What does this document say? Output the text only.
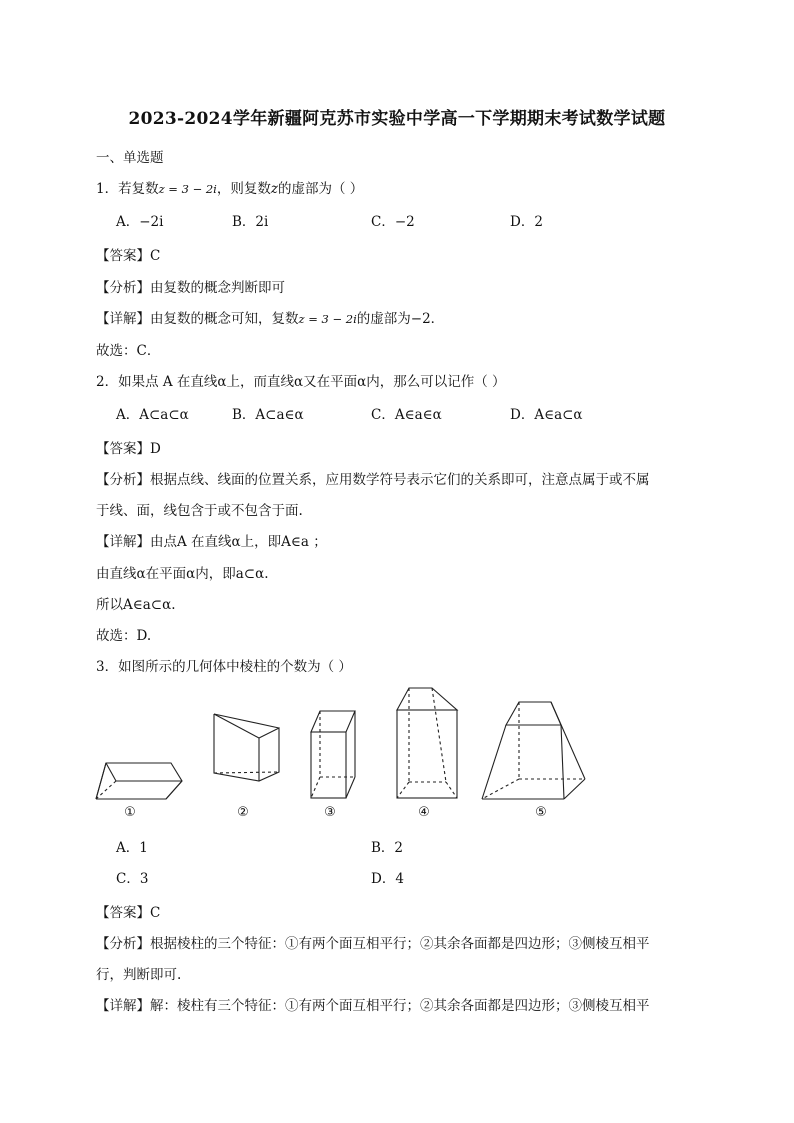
2023-2024学年新疆阿克苏市实验中学高一下学期期末考试数学试题
一、单选题
1．若复数z = 3 − 2i，则复数z的虚部为（ ）
A．−2i	B．2i	C．−2	D．2
【答案】C
【分析】由复数的概念判断即可
【详解】由复数的概念可知，复数z = 3 − 2i的虚部为−2．
故选：C．
2．如果点 A 在直线α上，而直线α又在平面α内，那么可以记作（ ）
A．A⊂a⊂α	B．A⊂a∈α	C．A∈a∈α	D．A∈a⊂α
【答案】D
【分析】根据点线、线面的位置关系，应用数学符号表示它们的关系即可，注意点属于或不属
于线、面，线包含于或不包含于面.
【详解】由点A 在直线α上，即A∈a ；
由直线α在平面α内，即a⊂α.
所以A∈a⊂α.
故选：D.
3．如图所示的几何体中棱柱的个数为（ ）
①	②	③	④	⑤
A．1	B．2
C．3	D．4
【答案】C
【分析】根据棱柱的三个特征：①有两个面互相平行；②其余各面都是四边形；③侧棱互相平
行，判断即可.
【详解】解：棱柱有三个特征：①有两个面互相平行；②其余各面都是四边形；③侧棱互相平
